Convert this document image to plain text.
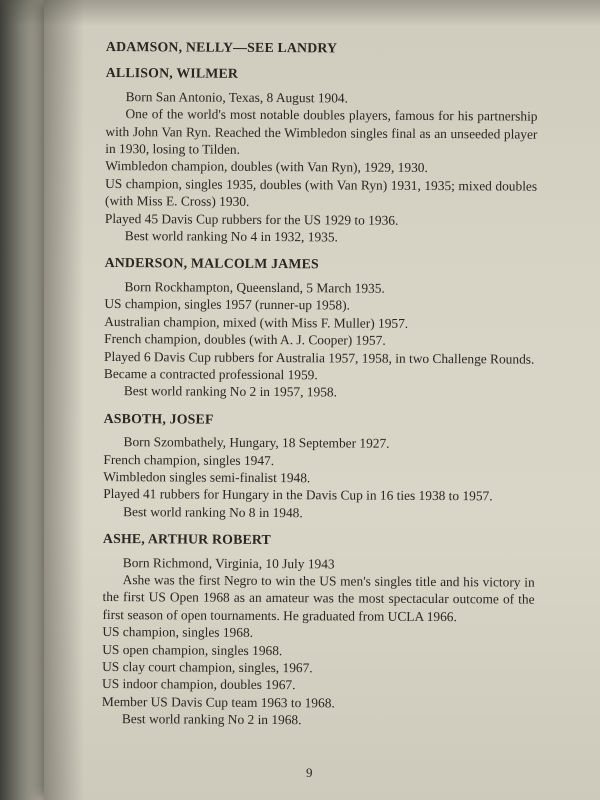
ADAMSON, NELLY—SEE LANDRY

ALLISON, WILMER

Born San Antonio, Texas, 8 August 1904.

One of the world's most notable doubles players, famous for his partnership with John Van Ryn. Reached the Wimbledon singles final as an unseeded player in 1930, losing to Tilden.

Wimbledon champion, doubles (with Van Ryn), 1929, 1930.

US champion, singles 1935, doubles (with Van Ryn) 1931, 1935; mixed doubles (with Miss E. Cross) 1930.

Played 45 Davis Cup rubbers for the US 1929 to 1936.

Best world ranking No 4 in 1932, 1935.

ANDERSON, MALCOLM JAMES

Born Rockhampton, Queensland, 5 March 1935.

US champion, singles 1957 (runner-up 1958).

Australian champion, mixed (with Miss F. Muller) 1957.

French champion, doubles (with A. J. Cooper) 1957.

Played 6 Davis Cup rubbers for Australia 1957, 1958, in two Challenge Rounds. Became a contracted professional 1959.

Best world ranking No 2 in 1957, 1958.

ASBOTH, JOSEF

Born Szombathely, Hungary, 18 September 1927.

French champion, singles 1947.

Wimbledon singles semi-finalist 1948.

Played 41 rubbers for Hungary in the Davis Cup in 16 ties 1938 to 1957.

Best world ranking No 8 in 1948.

ASHE, ARTHUR ROBERT

Born Richmond, Virginia, 10 July 1943

Ashe was the first Negro to win the US men's singles title and his victory in the first US Open 1968 as an amateur was the most spectacular outcome of the first season of open tournaments. He graduated from UCLA 1966.

US champion, singles 1968.

US open champion, singles 1968.

US clay court champion, singles, 1967.

US indoor champion, doubles 1967.

Member US Davis Cup team 1963 to 1968.

Best world ranking No 2 in 1968.

9
